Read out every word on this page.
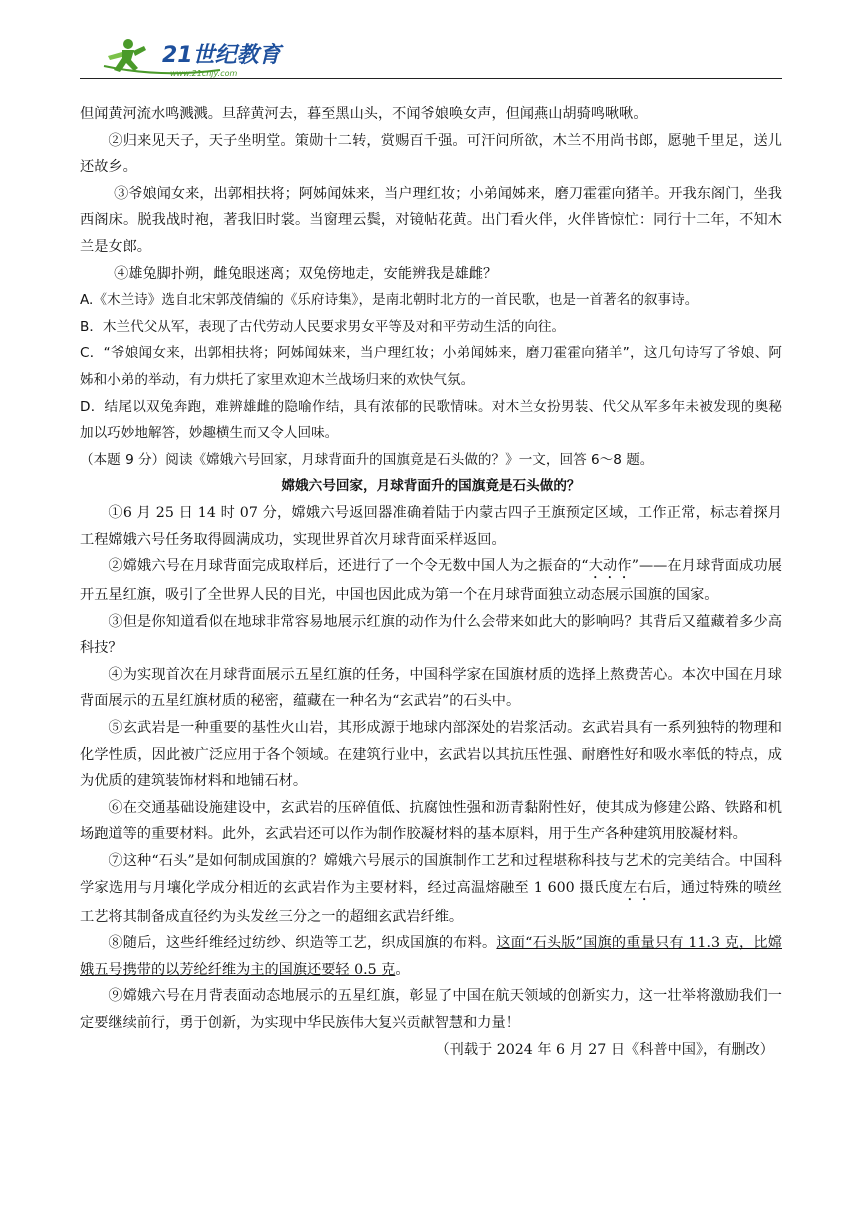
21世纪教育
www.21cnjy.com

但闻黄河流水鸣溅溅。旦辞黄河去，暮至黑山头，不闻爷娘唤女声，但闻燕山胡骑鸣啾啾。

②归来见天子，天子坐明堂。策勋十二转，赏赐百千强。可汗问所欲，木兰不用尚书郎，愿驰千里足，送儿还故乡。

③爷娘闻女来，出郭相扶将；阿姊闻妹来，当户理红妆；小弟闻姊来，磨刀霍霍向猪羊。开我东阁门，坐我西阁床。脱我战时袍，著我旧时裳。当窗理云鬓，对镜帖花黄。出门看火伴，火伴皆惊忙：同行十二年，不知木兰是女郎。

④雄兔脚扑朔，雌兔眼迷离；双兔傍地走，安能辨我是雄雌？

A.《木兰诗》选自北宋郭茂倩编的《乐府诗集》，是南北朝时北方的一首民歌，也是一首著名的叙事诗。

B．木兰代父从军，表现了古代劳动人民要求男女平等及对和平劳动生活的向往。

C．“爷娘闻女来，出郭相扶将；阿姊闻妹来，当户理红妆；小弟闻姊来，磨刀霍霍向猪羊”，这几句诗写了爷娘、阿姊和小弟的举动，有力烘托了家里欢迎木兰战场归来的欢快气氛。

D．结尾以双兔奔跑，难辨雄雌的隐喻作结，具有浓郁的民歌情味。对木兰女扮男装、代父从军多年未被发现的奥秘加以巧妙地解答，妙趣横生而又令人回味。

（本题 9 分）阅读《嫦娥六号回家，月球背面升的国旗竟是石头做的？》一文，回答 6～8 题。

嫦娥六号回家，月球背面升的国旗竟是石头做的？

①6 月 25 日 14 时 07 分，嫦娥六号返回器准确着陆于内蒙古四子王旗预定区域，工作正常，标志着探月工程嫦娥六号任务取得圆满成功，实现世界首次月球背面采样返回。

②嫦娥六号在月球背面完成取样后，还进行了一个令无数中国人为之振奋的“大动作”——在月球背面成功展开五星红旗，吸引了全世界人民的目光，中国也因此成为第一个在月球背面独立动态展示国旗的国家。

③但是你知道看似在地球非常容易地展示红旗的动作为什么会带来如此大的影响吗？其背后又蕴藏着多少高科技？

④为实现首次在月球背面展示五星红旗的任务，中国科学家在国旗材质的选择上熬费苦心。本次中国在月球背面展示的五星红旗材质的秘密，蕴藏在一种名为“玄武岩”的石头中。

⑤玄武岩是一种重要的基性火山岩，其形成源于地球内部深处的岩浆活动。玄武岩具有一系列独特的物理和化学性质，因此被广泛应用于各个领域。在建筑行业中，玄武岩以其抗压性强、耐磨性好和吸水率低的特点，成为优质的建筑装饰材料和地铺石材。

⑥在交通基础设施建设中，玄武岩的压碎值低、抗腐蚀性强和沥青黏附性好，使其成为修建公路、铁路和机场跑道等的重要材料。此外，玄武岩还可以作为制作胶凝材料的基本原料，用于生产各种建筑用胶凝材料。

⑦这种“石头”是如何制成国旗的？嫦娥六号展示的国旗制作工艺和过程堪称科技与艺术的完美结合。中国科学家选用与月壤化学成分相近的玄武岩作为主要材料，经过高温熔融至 1 600 摄氏度左右后，通过特殊的喷丝工艺将其制备成直径约为头发丝三分之一的超细玄武岩纤维。

⑧随后，这些纤维经过纺纱、织造等工艺，织成国旗的布料。这面“石头版”国旗的重量只有 11.3 克，比嫦娥五号携带的以芳纶纤维为主的国旗还要轻 0.5 克。

⑨嫦娥六号在月背表面动态地展示的五星红旗，彰显了中国在航天领域的创新实力，这一壮举将激励我们一定要继续前行，勇于创新，为实现中华民族伟大复兴贡献智慧和力量！

（刊载于 2024 年 6 月 27 日《科普中国》，有删改）
